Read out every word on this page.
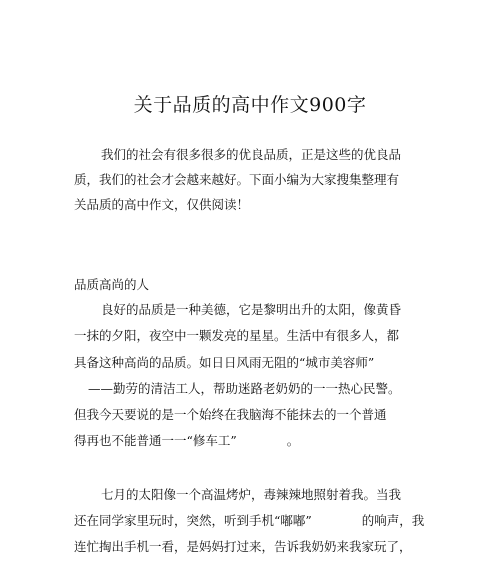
关于品质的高中作文900字
我们的社会有很多很多的优良品质，正是这些的优良品
质，我们的社会才会越来越好。下面小编为大家搜集整理有
关品质的高中作文，仅供阅读！
品质高尚的人
良好的品质是一种美德，它是黎明出升的太阳，像黄昏
一抹的夕阳，夜空中一颗发亮的星星。生活中有很多人，都
具备这种高尚的品质。如日日风雨无阻的“城市美容师”
——勤劳的清洁工人，帮助迷路老奶奶的一一热心民警。
但我今天要说的是一个始终在我脑海不能抹去的一个普通
得再也不能普通一一“修车工”　　　　。
七月的太阳像一个高温烤炉，毒辣辣地照射着我。当我
还在同学家里玩时，突然，听到手机“嘟嘟”　　　　的响声，我
连忙掏出手机一看，是妈妈打过来，告诉我奶奶来我家玩了，
